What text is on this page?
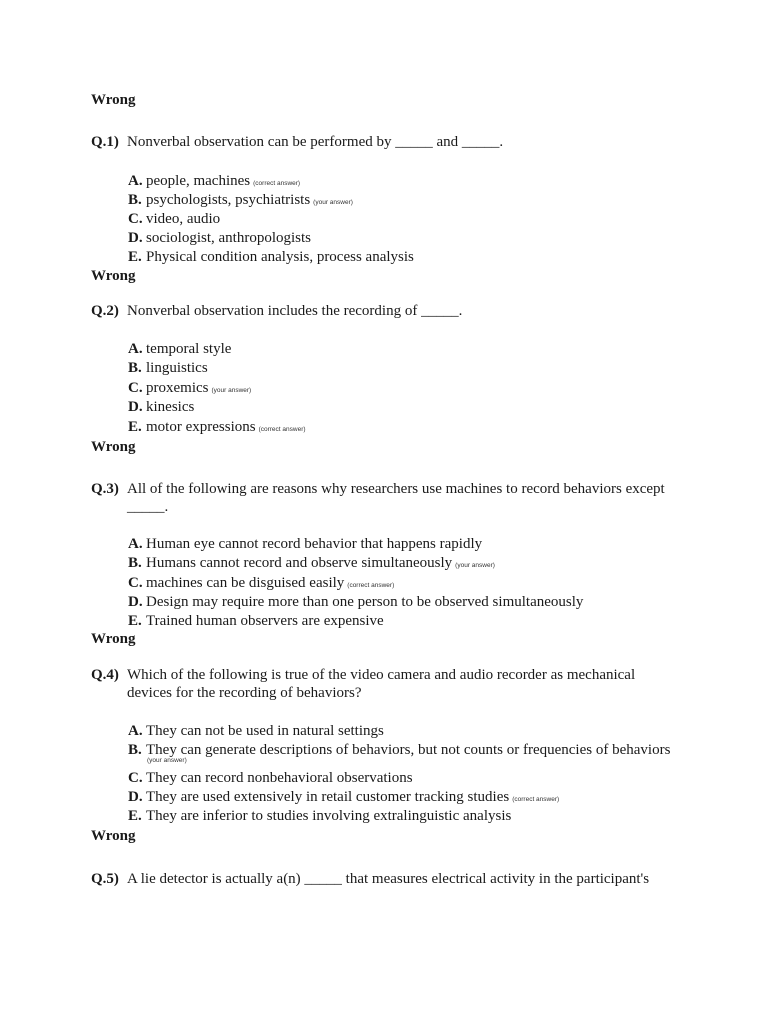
Wrong
Q.1) Nonverbal observation can be performed by _____ and _____.
A. people, machines (correct answer)
B. psychologists, psychiatrists (your answer)
C. video, audio
D. sociologist, anthropologists
E. Physical condition analysis, process analysis
Wrong
Q.2) Nonverbal observation includes the recording of _____.
A. temporal style
B. linguistics
C. proxemics (your answer)
D. kinesics
E. motor expressions (correct answer)
Wrong
Q.3) All of the following are reasons why researchers use machines to record behaviors except
_____.
A. Human eye cannot record behavior that happens rapidly
B. Humans cannot record and observe simultaneously (your answer)
C. machines can be disguised easily (correct answer)
D. Design may require more than one person to be observed simultaneously
E. Trained human observers are expensive
Wrong
Q.4) Which of the following is true of the video camera and audio recorder as mechanical
devices for the recording of behaviors?
A. They can not be used in natural settings
B. They can generate descriptions of behaviors, but not counts or frequencies of behaviors
(your answer)
C. They can record nonbehavioral observations
D. They are used extensively in retail customer tracking studies (correct answer)
E. They are inferior to studies involving extralinguistic analysis
Wrong
Q.5) A lie detector is actually a(n) _____ that measures electrical activity in the participant's
